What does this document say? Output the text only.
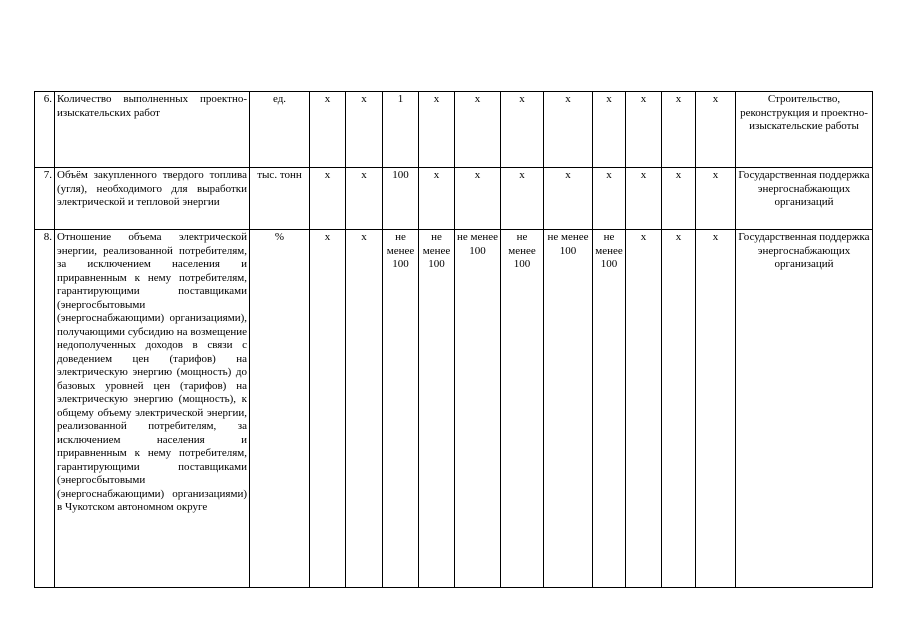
6.	Количество выполненных проектно-изыскательских работ	ед.	х	х	1	х	х	х	х	х	х	х	х	Строительство, реконструкция и проектно-изыскательские работы
7.	Объём закупленного твердого топлива (угля), необходимого для выработки электрической и тепловой энергии	тыс. тонн	х	х	100	х	х	х	х	х	х	х	х	Государственная поддержка энергоснабжающих организаций
8.	Отношение объема электрической энергии, реализованной потребителям, за исключением населения и приравненным к нему потребителям, гарантирующими поставщиками (энергосбытовыми (энергоснабжающими) организациями), получающими субсидию на возмещение недополученных доходов в связи с доведением цен (тарифов) на электрическую энергию (мощность) до базовых уровней цен (тарифов) на электрическую энергию (мощность), к общему объему электрической энергии, реализованной потребителям, за исключением населения и приравненным к нему потребителям, гарантирующими поставщиками (энергосбытовыми (энергоснабжающими) организациями) в Чукотском автономном округе	%	х	х	не менее 100	не менее 100	не менее 100	не менее 100	не менее 100	не менее 100	х	х	х	Государственная поддержка энергоснабжающих организаций
